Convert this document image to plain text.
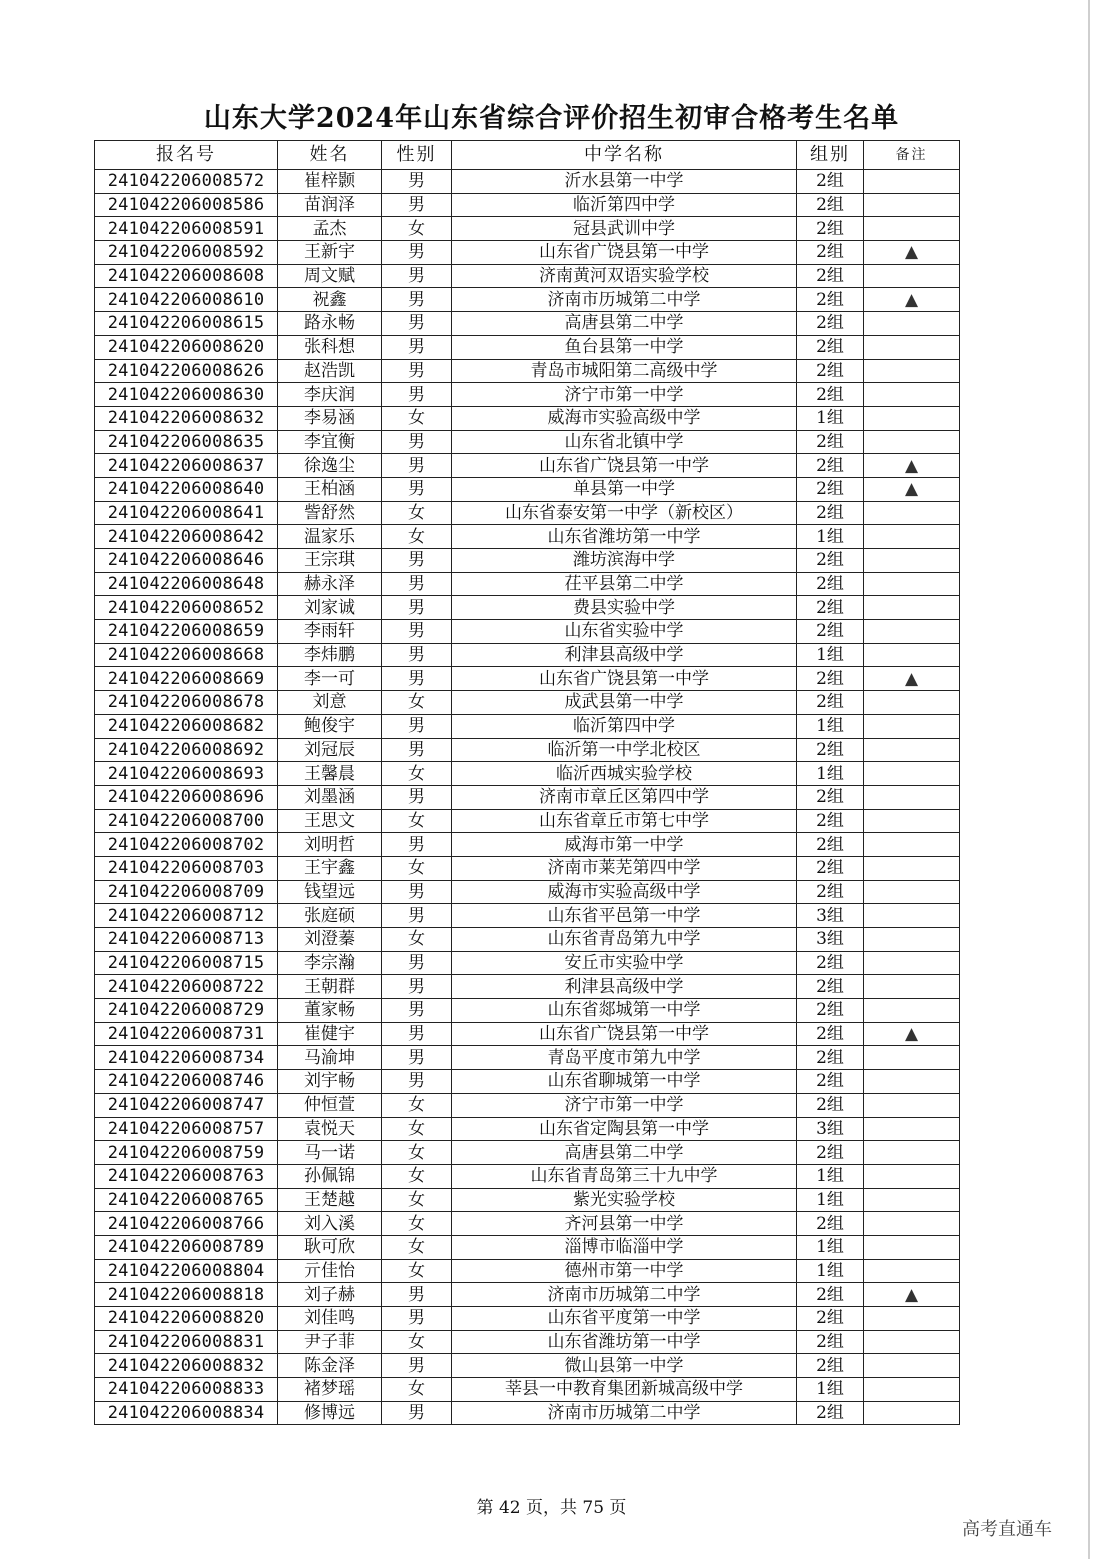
山东大学2024年山东省综合评价招生初审合格考生名单
报名号	姓名	性别	中学名称	组别	备注
241042206008572	崔梓颢	男	沂水县第一中学	2组	
241042206008586	苗润泽	男	临沂第四中学	2组	
241042206008591	孟杰	女	冠县武训中学	2组	
241042206008592	王新宇	男	山东省广饶县第一中学	2组	▲
241042206008608	周文赋	男	济南黄河双语实验学校	2组	
241042206008610	祝鑫	男	济南市历城第二中学	2组	▲
241042206008615	路永畅	男	高唐县第二中学	2组	
241042206008620	张科想	男	鱼台县第一中学	2组	
241042206008626	赵浩凯	男	青岛市城阳第二高级中学	2组	
241042206008630	李庆润	男	济宁市第一中学	2组	
241042206008632	李易涵	女	威海市实验高级中学	1组	
241042206008635	李宜衡	男	山东省北镇中学	2组	
241042206008637	徐逸尘	男	山东省广饶县第一中学	2组	▲
241042206008640	王柏涵	男	单县第一中学	2组	▲
241042206008641	訾舒然	女	山东省泰安第一中学（新校区）	2组	
241042206008642	温家乐	女	山东省潍坊第一中学	1组	
241042206008646	王宗琪	男	潍坊滨海中学	2组	
241042206008648	赫永泽	男	茌平县第二中学	2组	
241042206008652	刘家诚	男	费县实验中学	2组	
241042206008659	李雨轩	男	山东省实验中学	2组	
241042206008668	李炜鹏	男	利津县高级中学	1组	
241042206008669	李一可	男	山东省广饶县第一中学	2组	▲
241042206008678	刘意	女	成武县第一中学	2组	
241042206008682	鲍俊宇	男	临沂第四中学	1组	
241042206008692	刘冠辰	男	临沂第一中学北校区	2组	
241042206008693	王馨晨	女	临沂西城实验学校	1组	
241042206008696	刘墨涵	男	济南市章丘区第四中学	2组	
241042206008700	王思文	女	山东省章丘市第七中学	2组	
241042206008702	刘明哲	男	威海市第一中学	2组	
241042206008703	王宇鑫	女	济南市莱芜第四中学	2组	
241042206008709	钱望远	男	威海市实验高级中学	2组	
241042206008712	张庭硕	男	山东省平邑第一中学	3组	
241042206008713	刘澄蓁	女	山东省青岛第九中学	3组	
241042206008715	李宗瀚	男	安丘市实验中学	2组	
241042206008722	王朝群	男	利津县高级中学	2组	
241042206008729	董家畅	男	山东省郯城第一中学	2组	
241042206008731	崔健宇	男	山东省广饶县第一中学	2组	▲
241042206008734	马渝坤	男	青岛平度市第九中学	2组	
241042206008746	刘宇畅	男	山东省聊城第一中学	2组	
241042206008747	仲恒萱	女	济宁市第一中学	2组	
241042206008757	袁悦天	女	山东省定陶县第一中学	3组	
241042206008759	马一诺	女	高唐县第二中学	2组	
241042206008763	孙佩锦	女	山东省青岛第三十九中学	1组	
241042206008765	王楚越	女	紫光实验学校	1组	
241042206008766	刘入溪	女	齐河县第一中学	2组	
241042206008789	耿可欣	女	淄博市临淄中学	1组	
241042206008804	亓佳怡	女	德州市第一中学	1组	
241042206008818	刘子赫	男	济南市历城第二中学	2组	▲
241042206008820	刘佳鸣	男	山东省平度第一中学	2组	
241042206008831	尹子菲	女	山东省潍坊第一中学	2组	
241042206008832	陈金泽	男	微山县第一中学	2组	
241042206008833	褚梦瑶	女	莘县一中教育集团新城高级中学	1组	
241042206008834	修博远	男	济南市历城第二中学	2组	
第 42 页，共 75 页
高考直通车
